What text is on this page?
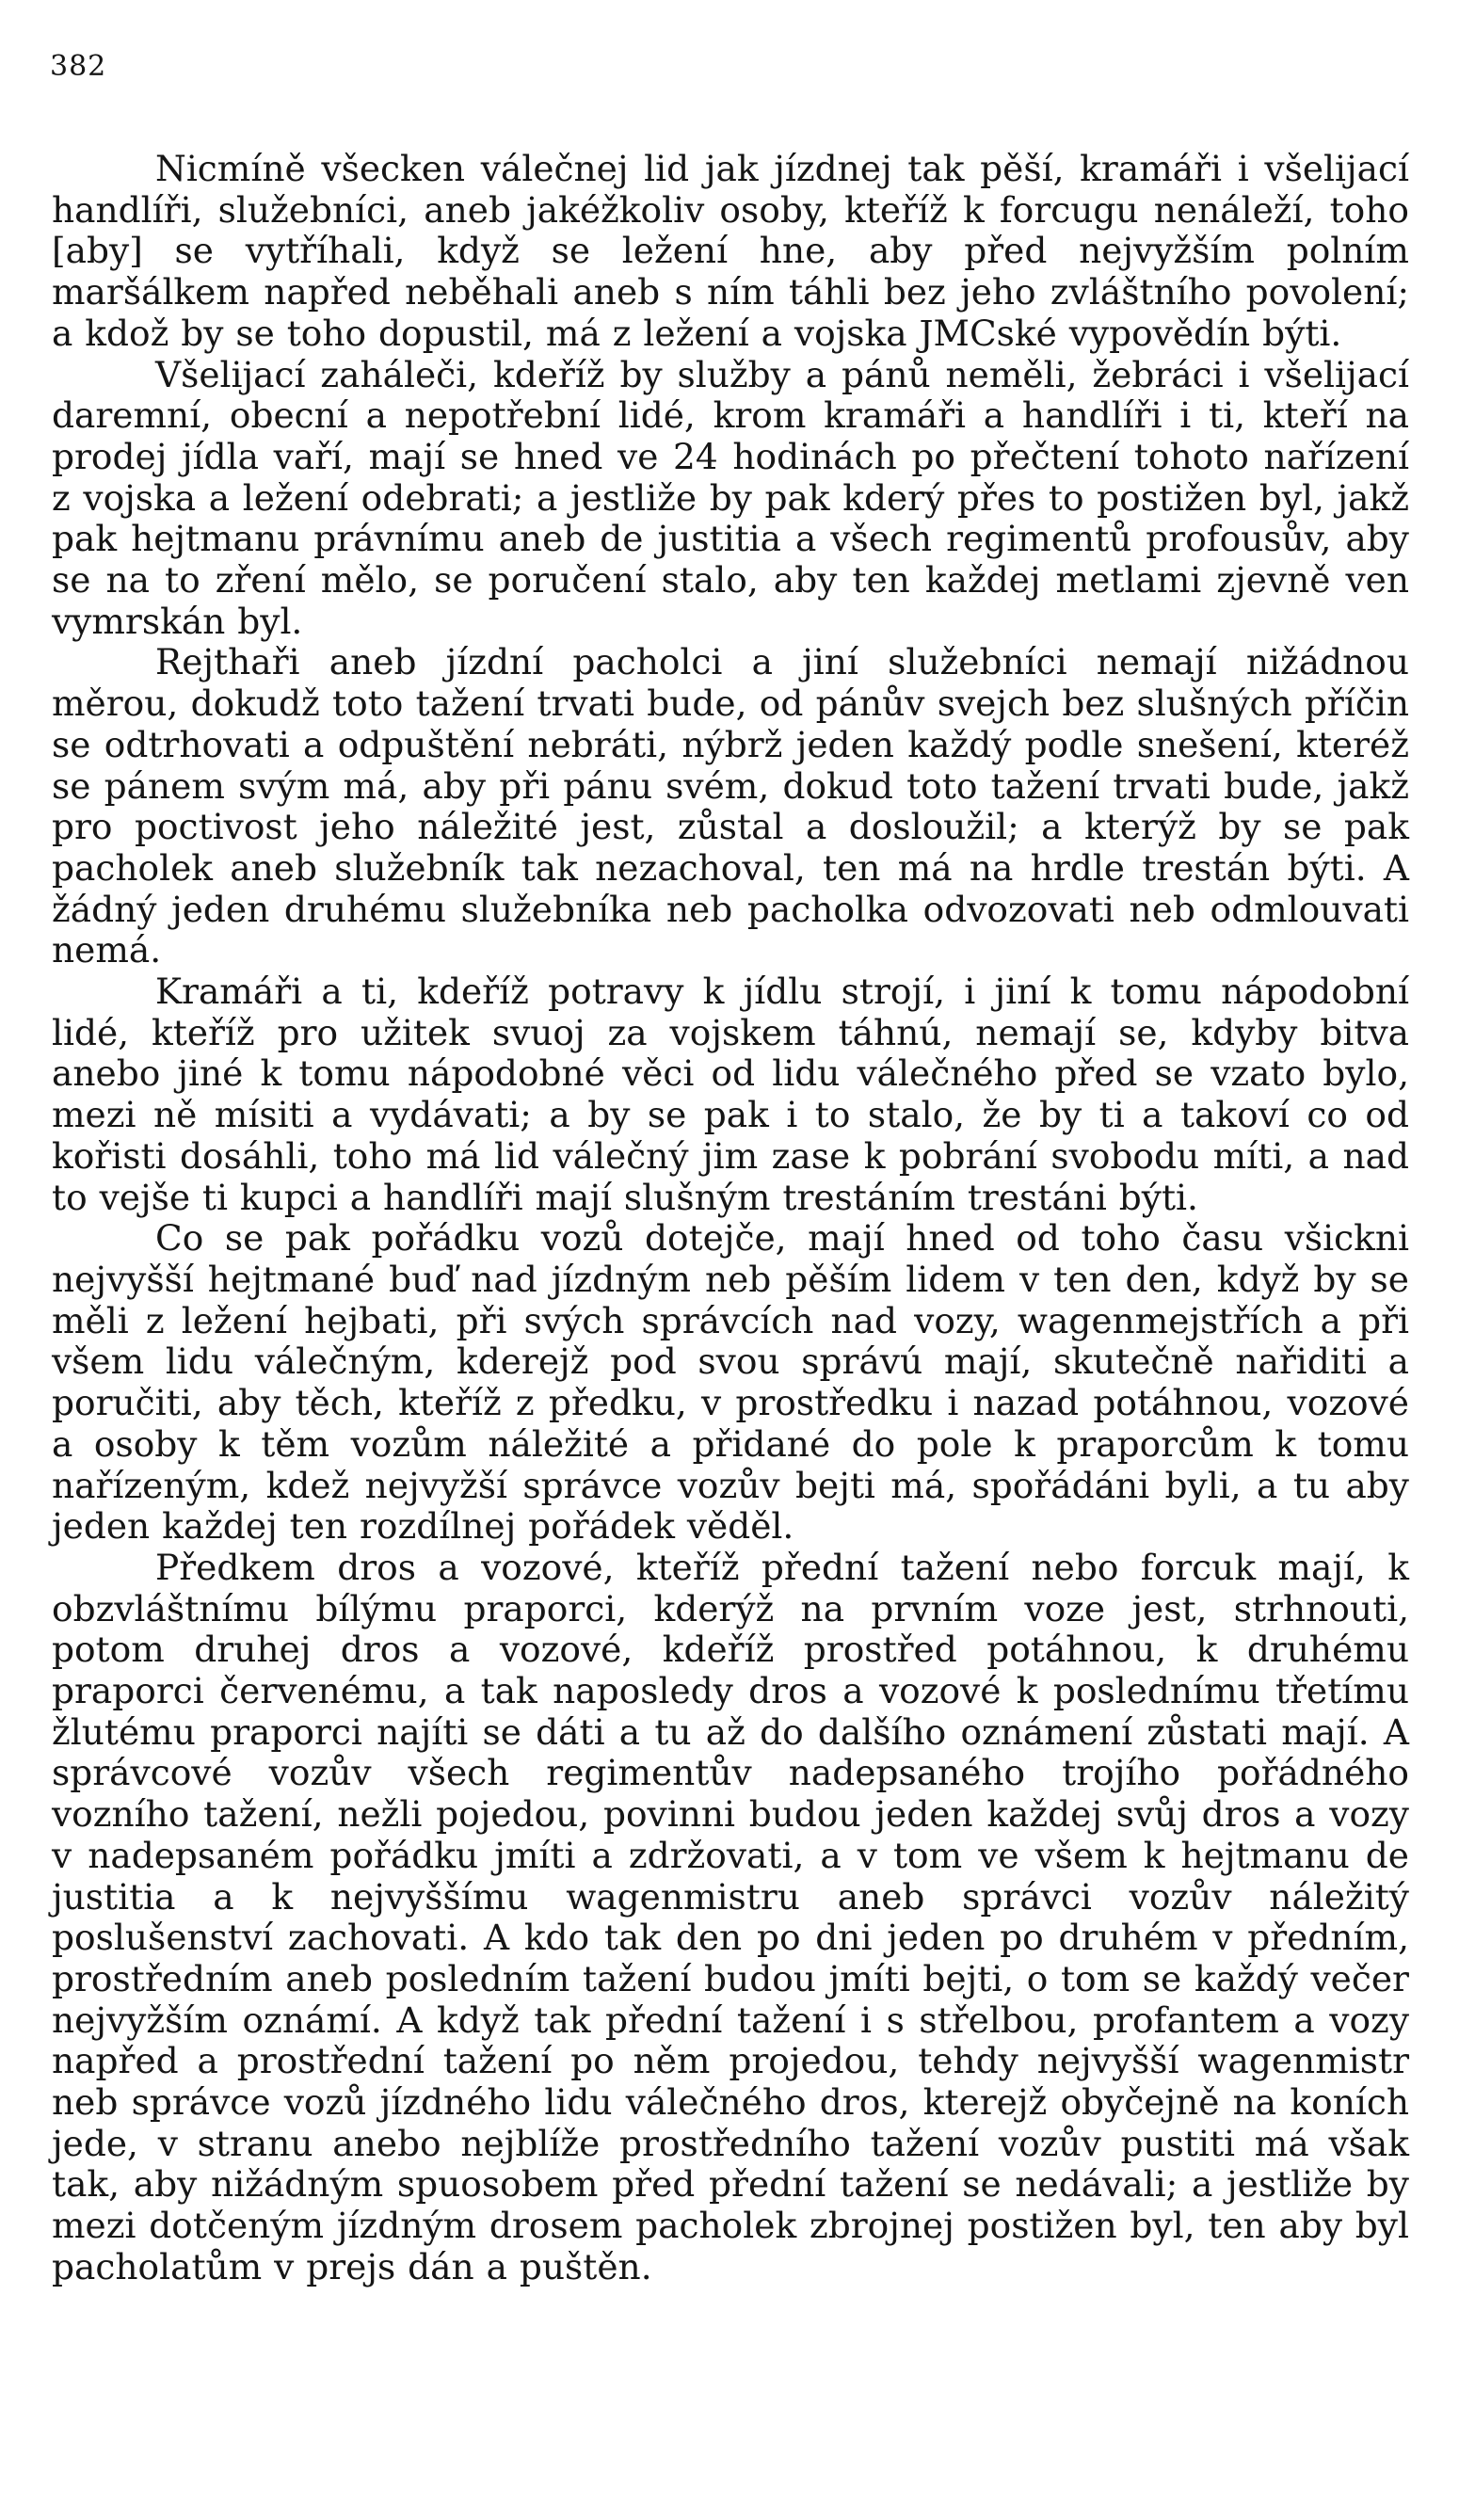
382

Nicmíně všecken válečnej lid jak jízdnej tak pěší, kramáři i všelijací handlíři, služebníci, aneb jakéžkoliv osoby, kteříž k forcugu nenáleží, toho [aby] se vytříhali, když se ležení hne, aby před nejvyžším polním maršálkem napřed neběhali aneb s ním táhli bez jeho zvláštního povolení; a kdož by se toho dopustil, má z ležení a vojska JMCské vypovědín býti.

Všelijací zaháleči, kdeříž by služby a pánů neměli, žebráci i všelijací daremní, obecní a nepotřební lidé, krom kramáři a handlíři i ti, kteří na prodej jídla vaří, mají se hned ve 24 hodinách po přečtení tohoto nařízení z vojska a ležení odebrati; a jestliže by pak kderý přes to postižen byl, jakž pak hejtmanu právnímu aneb de justitia a všech regimentů profousův, aby se na to zření mělo, se poručení stalo, aby ten každej metlami zjevně ven vymrskán byl.

Rejthaři aneb jízdní pacholci a jiní služebníci nemají nižádnou měrou, dokudž toto tažení trvati bude, od pánův svejch bez slušných příčin se odtrhovati a odpuštění nebráti, nýbrž jeden každý podle snešení, kteréž se pánem svým má, aby při pánu svém, dokud toto tažení trvati bude, jakž pro poctivost jeho náležité jest, zůstal a dosloužil; a kterýž by se pak pacholek aneb služebník tak nezachoval, ten má na hrdle trestán býti. A žádný jeden druhému služebníka neb pacholka odvozovati neb odmlouvati nemá.

Kramáři a ti, kdeříž potravy k jídlu strojí, i jiní k tomu nápodobní lidé, kteříž pro užitek svuoj za vojskem táhnú, nemají se, kdyby bitva anebo jiné k tomu nápodobné věci od lidu válečného před se vzato bylo, mezi ně mísiti a vydávati; a by se pak i to stalo, že by ti a takoví co od kořisti dosáhli, toho má lid válečný jim zase k pobrání svobodu míti, a nad to vejše ti kupci a handlíři mají slušným trestáním trestáni býti.

Co se pak pořádku vozů dotejče, mají hned od toho času všickni nejvyšší hejtmané buď nad jízdným neb pěším lidem v ten den, když by se měli z ležení hejbati, při svých správcích nad vozy, wagenmejstřích a při všem lidu válečným, kderejž pod svou správú mají, skutečně nařiditi a poručiti, aby těch, kteříž z předku, v prostředku i nazad potáhnou, vozové a osoby k těm vozům náležité a přidané do pole k praporcům k tomu nařízeným, kdež nejvyžší správce vozův bejti má, spořádáni byli, a tu aby jeden každej ten rozdílnej pořádek věděl.

Předkem dros a vozové, kteříž přední tažení nebo forcuk mají, k obzvláštnímu bílýmu praporci, kderýž na prvním voze jest, strhnouti, potom druhej dros a vozové, kdeříž prostřed potáhnou, k druhému praporci červenému, a tak naposledy dros a vozové k poslednímu třetímu žlutému praporci najíti se dáti a tu až do dalšího oznámení zůstati mají. A správcové vozův všech regimentův nadepsaného trojího pořádného vozního tažení, nežli pojedou, povinni budou jeden každej svůj dros a vozy v nadepsaném pořádku jmíti a zdržovati, a v tom ve všem k hejtmanu de justitia a k nejvyššímu wagenmistru aneb správci vozův náležitý poslušenství zachovati. A kdo tak den po dni jeden po druhém v předním, prostředním aneb posledním tažení budou jmíti bejti, o tom se každý večer nejvyžším oznámí. A když tak přední tažení i s střelbou, profantem a vozy napřed a prostřední tažení po něm projedou, tehdy nejvyšší wagenmistr neb správce vozů jízdného lidu válečného dros, kterejž obyčejně na koních jede, v stranu anebo nejblíže prostředního tažení vozův pustiti má však tak, aby nižádným spuosobem před přední tažení se nedávali; a jestliže by mezi dotčeným jízdným drosem pacholek zbrojnej postižen byl, ten aby byl pacholatům v prejs dán a puštěn.
